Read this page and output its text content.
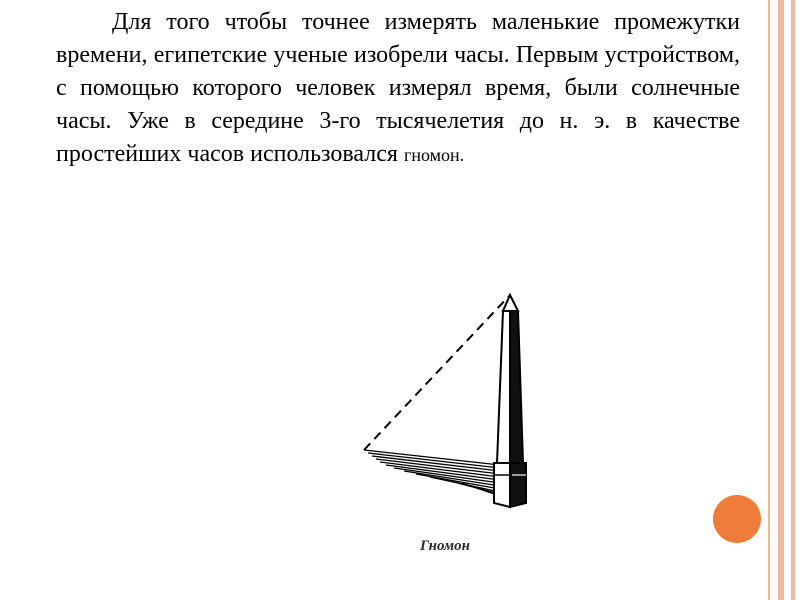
Для того чтобы точнее измерять маленькие промежутки времени, египетские ученые изобрели часы. Первым устройством, с помощью которого человек измерял время, были солнечные часы. Уже в середине 3-го тысячелетия до н. э. в качестве простейших часов использовался гномон.

Гномон
